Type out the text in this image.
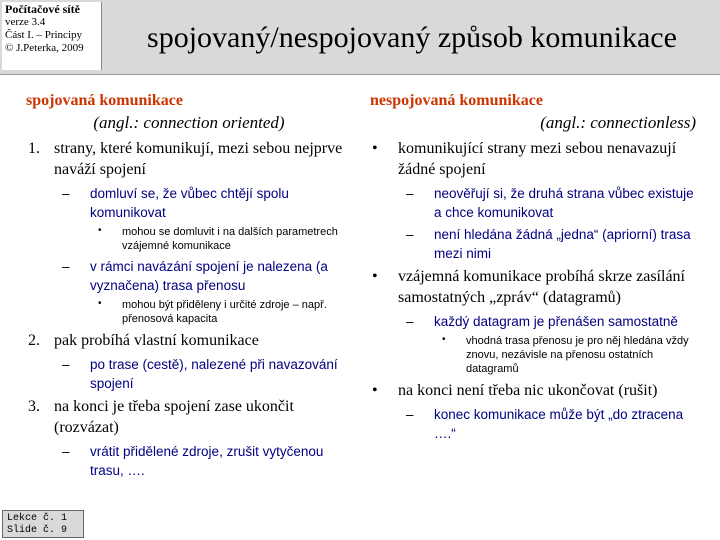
Počítačové sítě
verze 3.4
Část I. – Principy
© J.Peterka, 2009	spojovaný/nespojovaný způsob komunikace
spojovaná komunikace
(angl.: connection oriented)
1. strany, které komunikují, mezi sebou nejprve naváží spojení
– domluví se, že vůbec chtějí spolu komunikovat
• mohou se domluvit i na dalších parametrech vzájemné komunikace
– v rámci navázání spojení je nalezena (a vyznačena) trasa přenosu
• mohou být přiděleny i určité zdroje – např. přenosová kapacita
2. pak probíhá vlastní komunikace
– po trase (cestě), nalezené při navazování spojení
3. na konci je třeba spojení zase ukončit (rozvázat)
– vrátit přidělené zdroje, zrušit vytyčenou trasu, ….
nespojovaná komunikace
(angl.: connectionless)
• komunikující strany mezi sebou nenavazují žádné spojení
– neověřují si, že druhá strana vůbec existuje a chce komunikovat
– není hledána žádná „jedna“ (apriorní) trasa mezi nimi
• vzájemná komunikace probíhá skrze zasílání samostatných „zpráv“ (datagramů)
– každý datagram je přenášen samostatně
• vhodná trasa přenosu je pro něj hledána vždy znovu, nezávisle na přenosu ostatních datagramů
• na konci není třeba nic ukončovat (rušit)
– konec komunikace může být „do ztracena ….“
Lekce č. 1
Slide č. 9
